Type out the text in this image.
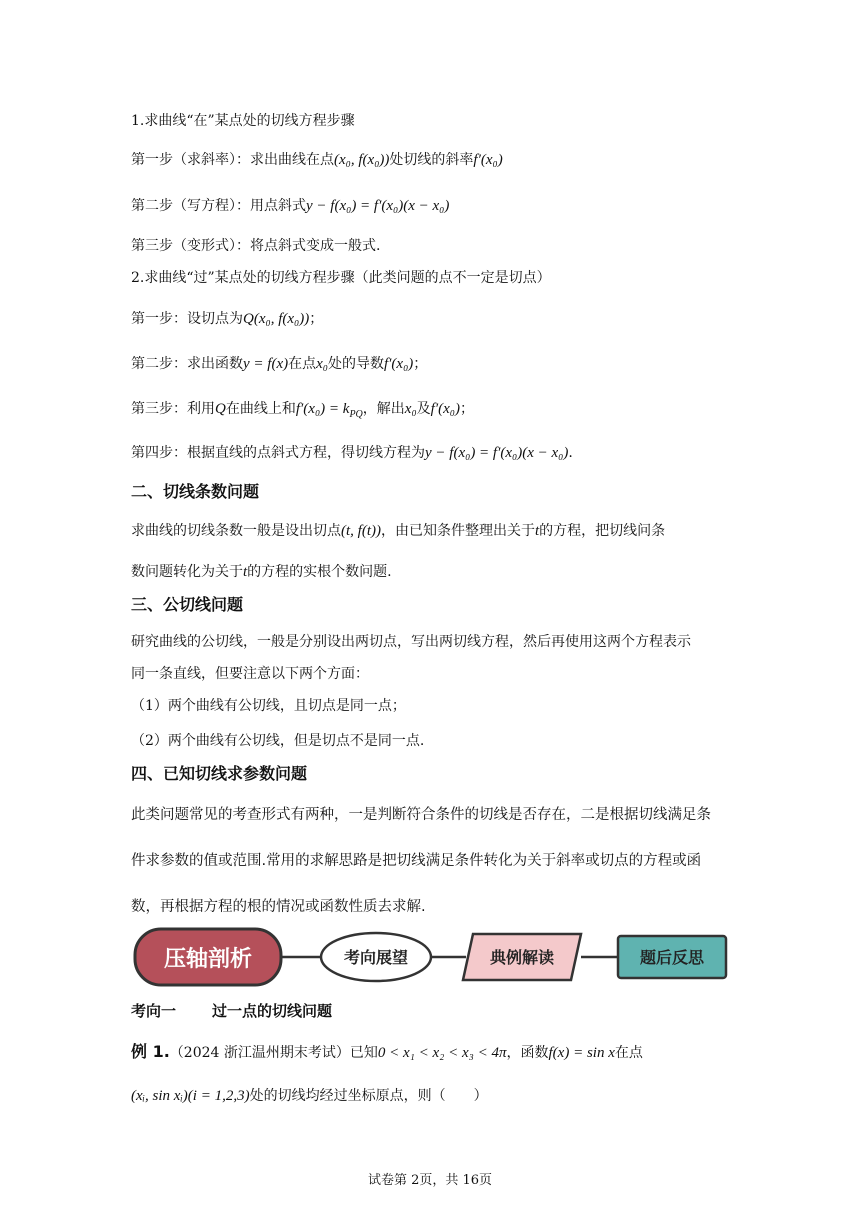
1.求曲线“在”某点处的切线方程步骤
第一步（求斜率）：求出曲线在点(x₀, f(x₀))处切线的斜率f′(x₀)
第二步（写方程）：用点斜式y − f(x₀) = f′(x₀)(x − x₀)
第三步（变形式）：将点斜式变成一般式.
2.求曲线“过”某点处的切线方程步骤（此类问题的点不一定是切点）
第一步：设切点为Q(x₀, f(x₀))；
第二步：求出函数y = f(x)在点x₀处的导数f′(x₀)；
第三步：利用Q在曲线上和$f'(x_0) = k_{PQ}$，解出x₀及f′(x₀)；
第四步：根据直线的点斜式方程，得切线方程为y − f(x₀) = f′(x₀)(x − x₀).
二、切线条数问题
求曲线的切线条数一般是设出切点(t, f(t))，由已知条件整理出关于t的方程，把切线问条
数问题转化为关于t的方程的实根个数问题.
三、公切线问题
研究曲线的公切线，一般是分别设出两切点，写出两切线方程，然后再使用这两个方程表示
同一条直线，但要注意以下两个方面：
（1）两个曲线有公切线，且切点是同一点；
（2）两个曲线有公切线，但是切点不是同一点.
四、已知切线求参数问题
此类问题常见的考查形式有两种，一是判断符合条件的切线是否存在，二是根据切线满足条
件求参数的值或范围.常用的求解思路是把切线满足条件转化为关于斜率或切点的方程或函
数，再根据方程的根的情况或函数性质去求解.
压轴剖析	考向展望	典例解读	题后反思
考向一 过一点的切线问题
例 1.（2024 浙江温州期末考试）已知0 < x₁ < x₂ < x₃ < 4π，函数f(x) = sin x在点
(xᵢ, sin xᵢ)(i = 1,2,3)处的切线均经过坐标原点，则（　　）
试卷第 2页，共 16页
